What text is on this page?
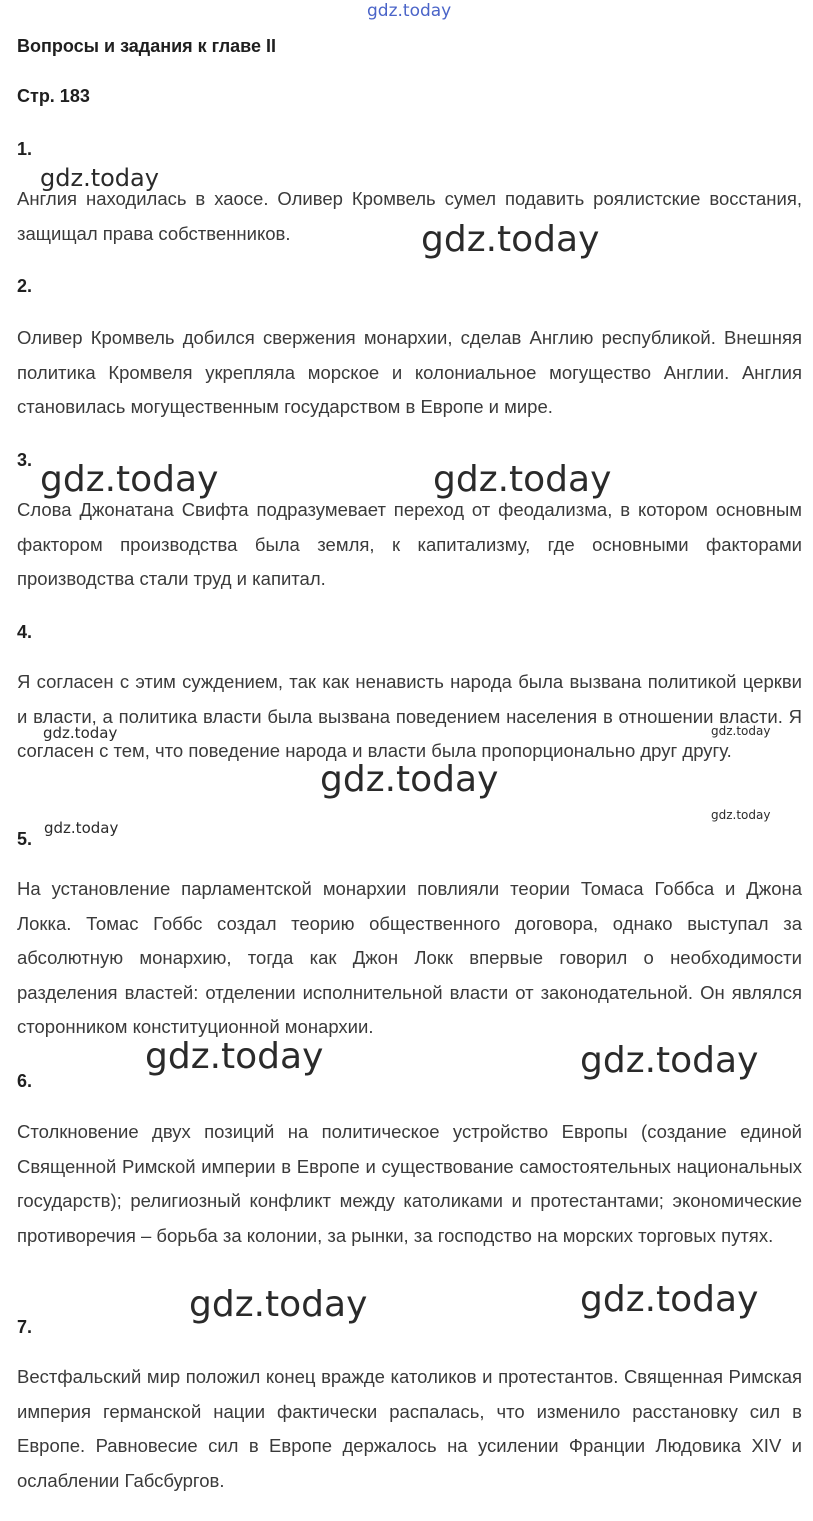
gdz.today
Вопросы и задания к главе II
Стр. 183
1.

Англия находилась в хаосе. Оливер Кромвель сумел подавить роялистские восстания, защищал права собственников.

2.

Оливер Кромвель добился свержения монархии, сделав Англию республикой. Внешняя политика Кромвеля укрепляла морское и колониальное могущество Англии. Англия становилась могущественным государством в Европе и мире.

3.

Слова Джонатана Свифта подразумевает переход от феодализма, в котором основным фактором производства была земля, к капитализму, где основными факторами производства стали труд и капитал.

4.

Я согласен с этим суждением, так как ненависть народа была вызвана политикой церкви и власти, а политика власти была вызвана поведением населения в отношении власти. Я согласен с тем, что поведение народа и власти была пропорционально друг другу.

5.

На установление парламентской монархии повлияли теории Томаса Гоббса и Джона Локка. Томас Гоббс создал теорию общественного договора, однако выступал за абсолютную монархию, тогда как Джон Локк впервые говорил о необходимости разделения властей: отделении исполнительной власти от законодательной. Он являлся сторонником конституционной монархии.

6.

Столкновение двух позиций на политическое устройство Европы (создание единой Священной Римской империи в Европе и существование самостоятельных национальных государств); религиозный конфликт между католиками и протестантами; экономические противоречия – борьба за колонии, за рынки, за господство на морских торговых путях.

7.

Вестфальский мир положил конец вражде католиков и протестантов. Священная Римская империя германской нации фактически распалась, что изменило расстановку сил в Европе. Равновесие сил в Европе держалось на усилении Франции Людовика XIV и ослаблении Габсбургов.

gdz.today
gdz.today
gdz.today	gdz.today
gdz.today	gdz.today
gdz.today
gdz.today
gdz.today
gdz.today	gdz.today
gdz.today	gdz.today
